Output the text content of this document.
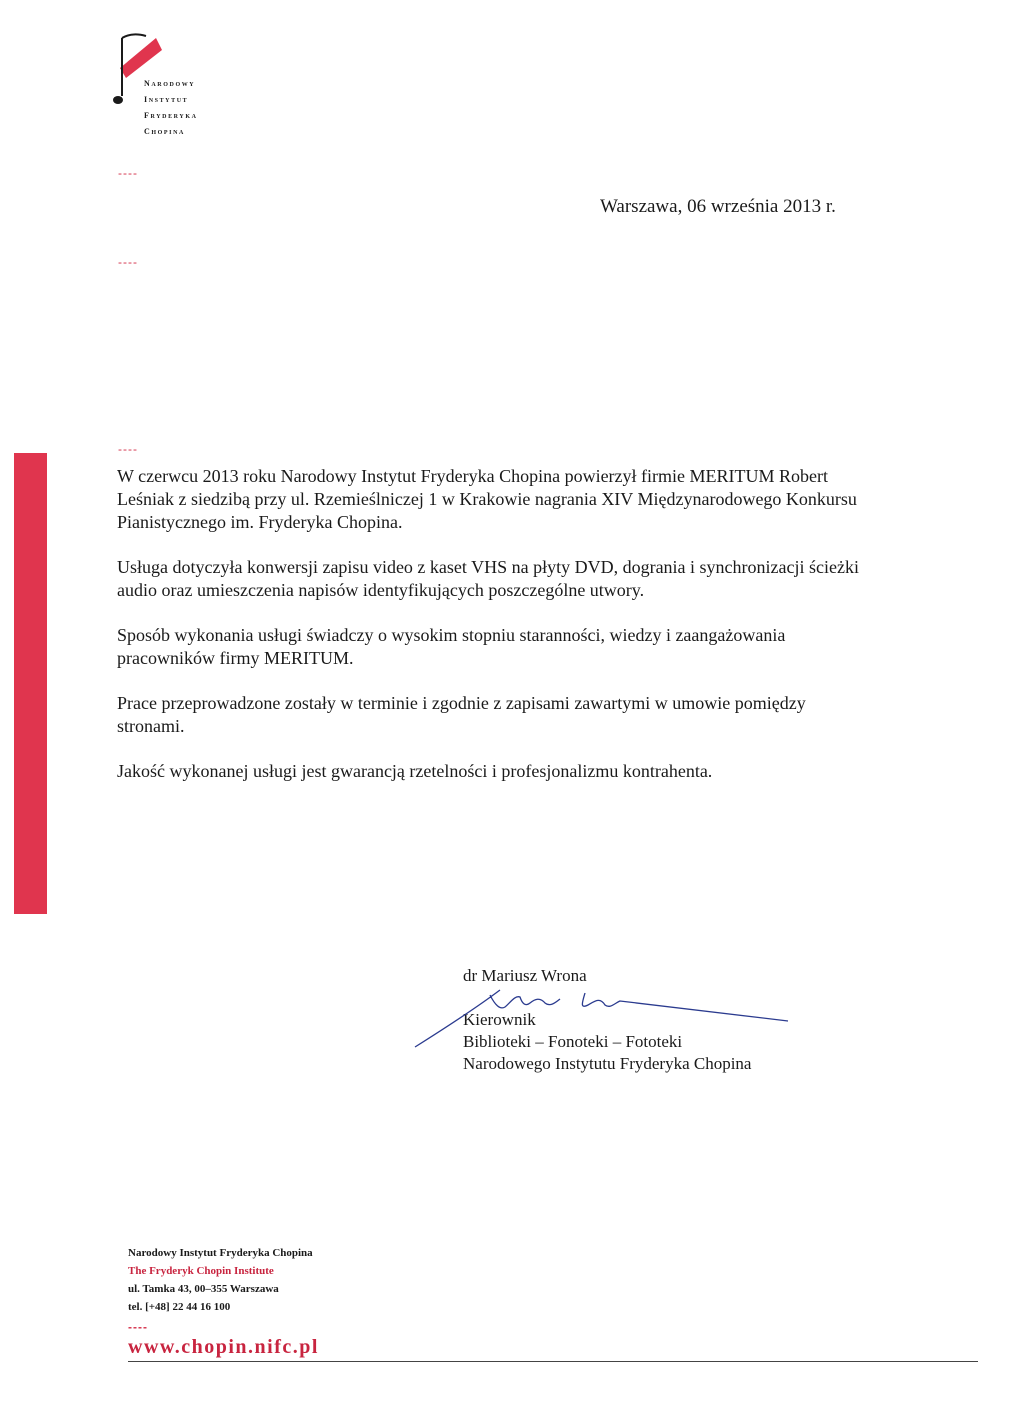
Narodowy
Instytut
Fryderyka
Chopina
----
----
----
Warszawa, 06 września 2013 r.

W czerwcu 2013 roku Narodowy Instytut Fryderyka Chopina powierzył firmie MERITUM Robert Leśniak z siedzibą przy ul. Rzemieślniczej 1 w Krakowie nagrania XIV Międzynarodowego Konkursu Pianistycznego im. Fryderyka Chopina.

Usługa dotyczyła konwersji zapisu video z kaset VHS na płyty DVD, dogrania i synchronizacji ścieżki audio oraz umieszczenia napisów identyfikujących poszczególne utwory.

Sposób wykonania usługi świadczy o wysokim stopniu staranności, wiedzy i zaangażowania pracowników firmy MERITUM.

Prace przeprowadzone zostały w terminie i zgodnie z zapisami zawartymi w umowie pomiędzy stronami.

Jakość wykonanej usługi jest gwarancją rzetelności i profesjonalizmu kontrahenta.

dr Mariusz Wrona
Kierownik
Biblioteki – Fonoteki – Fototeki
Narodowego Instytutu Fryderyka Chopina
Narodowy Instytut Fryderyka Chopina
The Fryderyk Chopin Institute
ul. Tamka 43, 00–355 Warszawa
tel. [+48] 22 44 16 100
----
www.chopin.nifc.pl
